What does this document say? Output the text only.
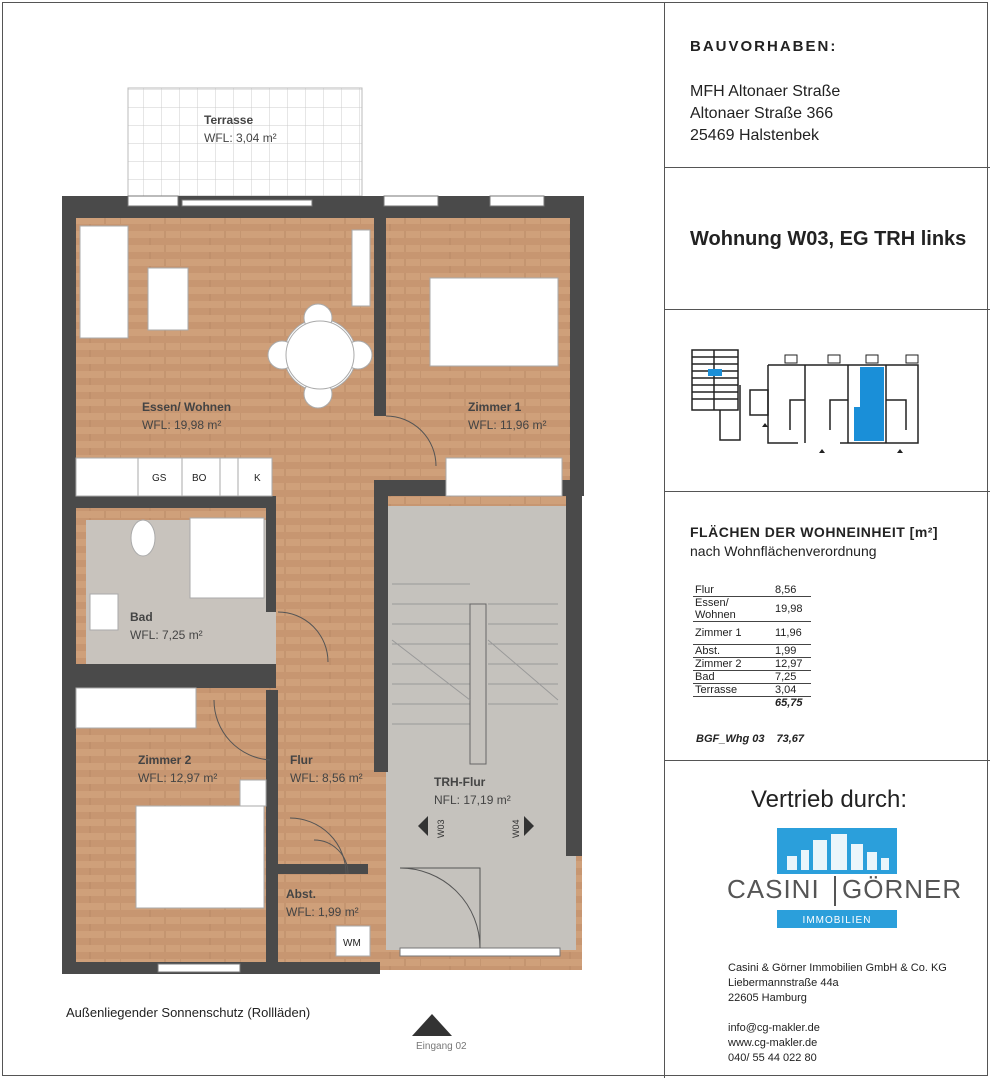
BAUVORHABEN:
MFH Altonaer Straße
Altonaer Straße 366
25469 Halstenbek
Wohnung W03, EG TRH links
FLÄCHEN DER WOHNEINHEIT [m²]
nach Wohnflächenverordnung
Flur	8,56
Essen/ Wohnen	19,98
Zimmer 1	11,96
Abst.	1,99
Zimmer 2	12,97
Bad	7,25
Terrasse	3,04
	65,75
BGF_Whg 03 73,67
Vertrieb durch:
CASINI GÖRNER
IMMOBILIEN
Casini & Görner Immobilien GmbH & Co. KG
Liebermannstraße 44a
22605 Hamburg
info@cg-makler.de
www.cg-makler.de
040/ 55 44 022 80
Terrasse
WFL: 3,04 m²
Essen/ Wohnen
WFL: 19,98 m²
Zimmer 1
WFL: 11,96 m²
Bad
WFL: 7,25 m²
Zimmer 2
WFL: 12,97 m²
Flur
WFL: 8,56 m²	TRH-Flur
NFL: 17,19 m²
Abst.
WFL: 1,99 m²
GS	BO	K
WM
W03	W04
Außenliegender Sonnenschutz (Rollläden)
Eingang 02
